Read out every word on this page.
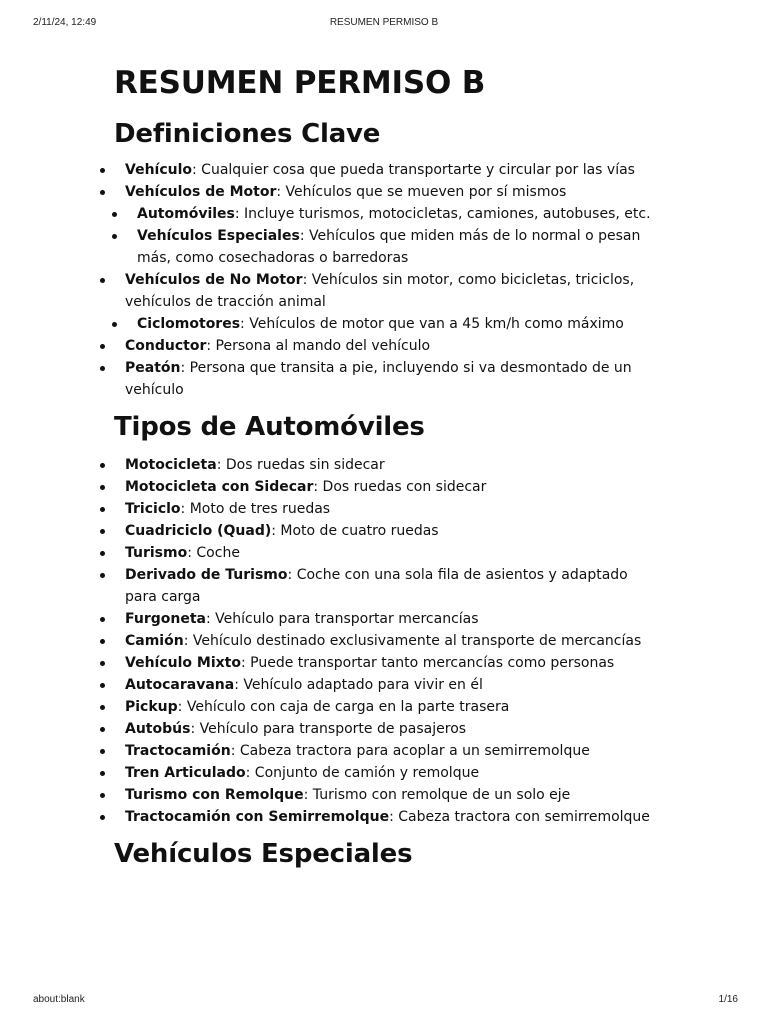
2/11/24, 12:49	RESUMEN PERMISO B
RESUMEN PERMISO B
Definiciones Clave
Vehículo: Cualquier cosa que pueda transportarte y circular por las vías
Vehículos de Motor: Vehículos que se mueven por sí mismos
Automóviles: Incluye turismos, motocicletas, camiones, autobuses, etc.
Vehículos Especiales: Vehículos que miden más de lo normal o pesan más, como cosechadoras o barredoras
Vehículos de No Motor: Vehículos sin motor, como bicicletas, triciclos, vehículos de tracción animal
Ciclomotores: Vehículos de motor que van a 45 km/h como máximo
Conductor: Persona al mando del vehículo
Peatón: Persona que transita a pie, incluyendo si va desmontado de un vehículo
Tipos de Automóviles
Motocicleta: Dos ruedas sin sidecar
Motocicleta con Sidecar: Dos ruedas con sidecar
Triciclo: Moto de tres ruedas
Cuadriciclo (Quad): Moto de cuatro ruedas
Turismo: Coche
Derivado de Turismo: Coche con una sola fila de asientos y adaptado para carga
Furgoneta: Vehículo para transportar mercancías
Camión: Vehículo destinado exclusivamente al transporte de mercancías
Vehículo Mixto: Puede transportar tanto mercancías como personas
Autocaravana: Vehículo adaptado para vivir en él
Pickup: Vehículo con caja de carga en la parte trasera
Autobús: Vehículo para transporte de pasajeros
Tractocamión: Cabeza tractora para acoplar a un semirremolque
Tren Articulado: Conjunto de camión y remolque
Turismo con Remolque: Turismo con remolque de un solo eje
Tractocamión con Semirremolque: Cabeza tractora con semirremolque
Vehículos Especiales
about:blank	1/16
